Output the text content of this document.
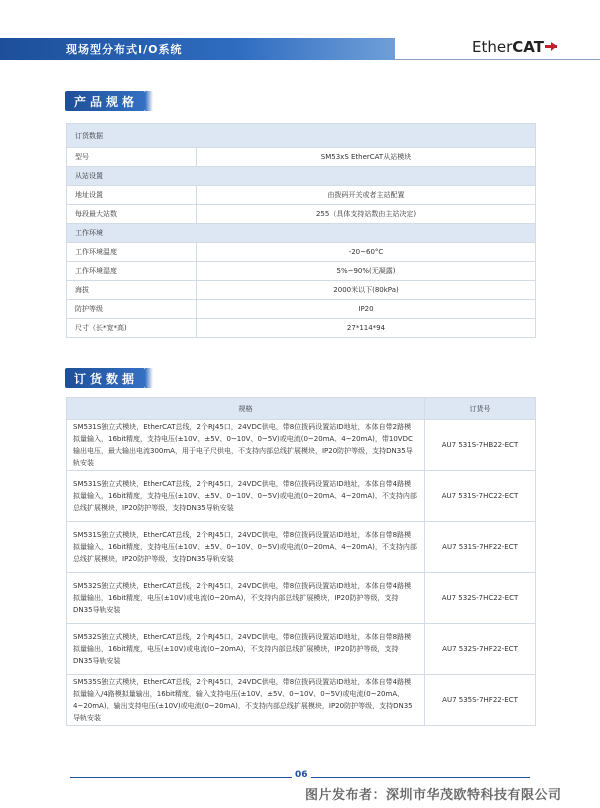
现场型分布式I/O系统	EtherCAT
产品规格
订货数据	
型号	SM53xS EtherCAT从站模块
从站设置	
地址设置	由拨码开关或者主站配置
每段最大站数	255（具体支持站数由主站决定)
工作环境	
工作环境温度	-20~60°C
工作环境湿度	5%~90%(无凝露)
海拔	2000米以下(80kPa)
防护等级	IP20
尺寸（长*宽*高)	27*114*94
订货数据
规格	订货号
SM531S独立式模块，EtherCAT总线，2个RJ45口，24VDC供电，带8位拨码设置站ID地址，本体自带2路模拟量输入，16bit精度，支持电压(±10V、±5V、0~10V、0~5V)或电流(0~20mA、4~20mA)，带10VDC输出电压，最大输出电流300mA，用于电子尺供电，不支持内部总线扩展模块，IP20防护等级，支持DN35导轨安装	AU7 531S-7HB22-ECT
SM531S独立式模块，EtherCAT总线，2个RJ45口，24VDC供电，带8位拨码设置站ID地址，本体自带4路模拟量输入，16bit精度，支持电压(±10V、±5V、0~10V、0~5V)或电流(0~20mA、4~20mA)，不支持内部总线扩展模块，IP20防护等级，支持DN35导轨安装	AU7 531S-7HC22-ECT
SM531S独立式模块，EtherCAT总线，2个RJ45口，24VDC供电，带8位拨码设置站ID地址，本体自带8路模拟量输入，16bit精度，支持电压(±10V、±5V、0~10V、0~5V)或电流(0~20mA、4~20mA)，不支持内部总线扩展模块，IP20防护等级，支持DN35导轨安装	AU7 531S-7HF22-ECT
SM532S独立式模块，EtherCAT总线，2个RJ45口，24VDC供电，带8位拨码设置站ID地址，本体自带4路模拟量输出，16bit精度，电压(±10V)或电流(0~20mA)，不支持内部总线扩展模块，IP20防护等级，支持DN35导轨安装	AU7 532S-7HC22-ECT
SM532S独立式模块，EtherCAT总线，2个RJ45口，24VDC供电，带8位拨码设置站ID地址，本体自带8路模拟量输出，16bit精度，电压(±10V)或电流(0~20mA)，不支持内部总线扩展模块，IP20防护等级，支持DN35导轨安装	AU7 532S-7HF22-ECT
SM535S独立式模块，EtherCAT总线，2个RJ45口，24VDC供电，带8位拨码设置站ID地址，本体自带4路模拟量输入/4路模拟量输出，16bit精度，输入支持电压(±10V、±5V、0~10V、0~5V)或电流(0~20mA、4~20mA)，输出支持电压(±10V)或电流(0~20mA)，不支持内部总线扩展模块，IP20防护等级，支持DN35导轨安装	AU7 535S-7HF22-ECT
06
图片发布者：深圳市华茂欧特科技有限公司
